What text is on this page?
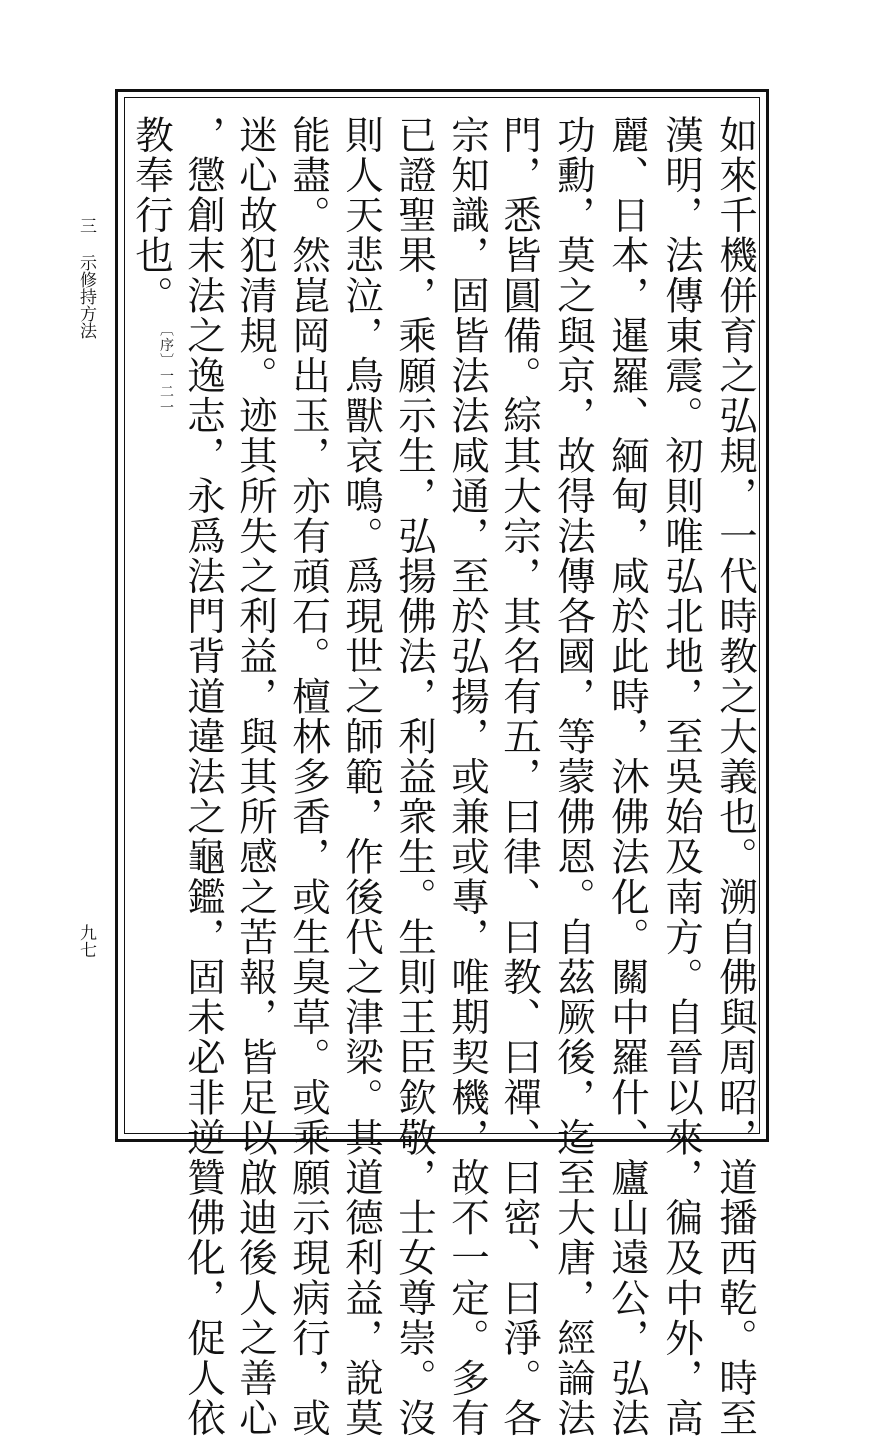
三示修持方法
九七	如來千機併育之弘規，一代時教之大義也。溯自佛與周昭，道播西乾。時至
漢明，法傳東震。初則唯弘北地，至吳始及南方。自晉以來，徧及中外，高
麗、日本，暹羅、緬甸，咸於此時，沐佛法化。關中羅什、廬山遠公，弘法
功勳，莫之與京，故得法傳各國，等蒙佛恩。自茲厥後，迄至大唐，經論法
門，悉皆圓備。綜其大宗，其名有五，曰律、曰教、曰禪、曰密、曰淨。各
宗知識，固皆法法咸通，至於弘揚，或兼或專，唯期契機，故不一定。多有
已證聖果，乘願示生，弘揚佛法，利益衆生。生則王臣欽敬，士女尊崇。沒
則人天悲泣，鳥獸哀鳴。爲現世之師範，作後代之津梁。其道德利益，說莫
能盡。然崑岡出玉，亦有頑石。檀林多香，或生臭草。或乘願示現病行，或
迷心故犯清規。迹其所失之利益，與其所感之苦報，皆足以啟迪後人之善心
，懲創末法之逸志，永爲法門背道違法之龜鑑，固未必非逆贊佛化，促人依
教奉行也。〔序〕一二一
